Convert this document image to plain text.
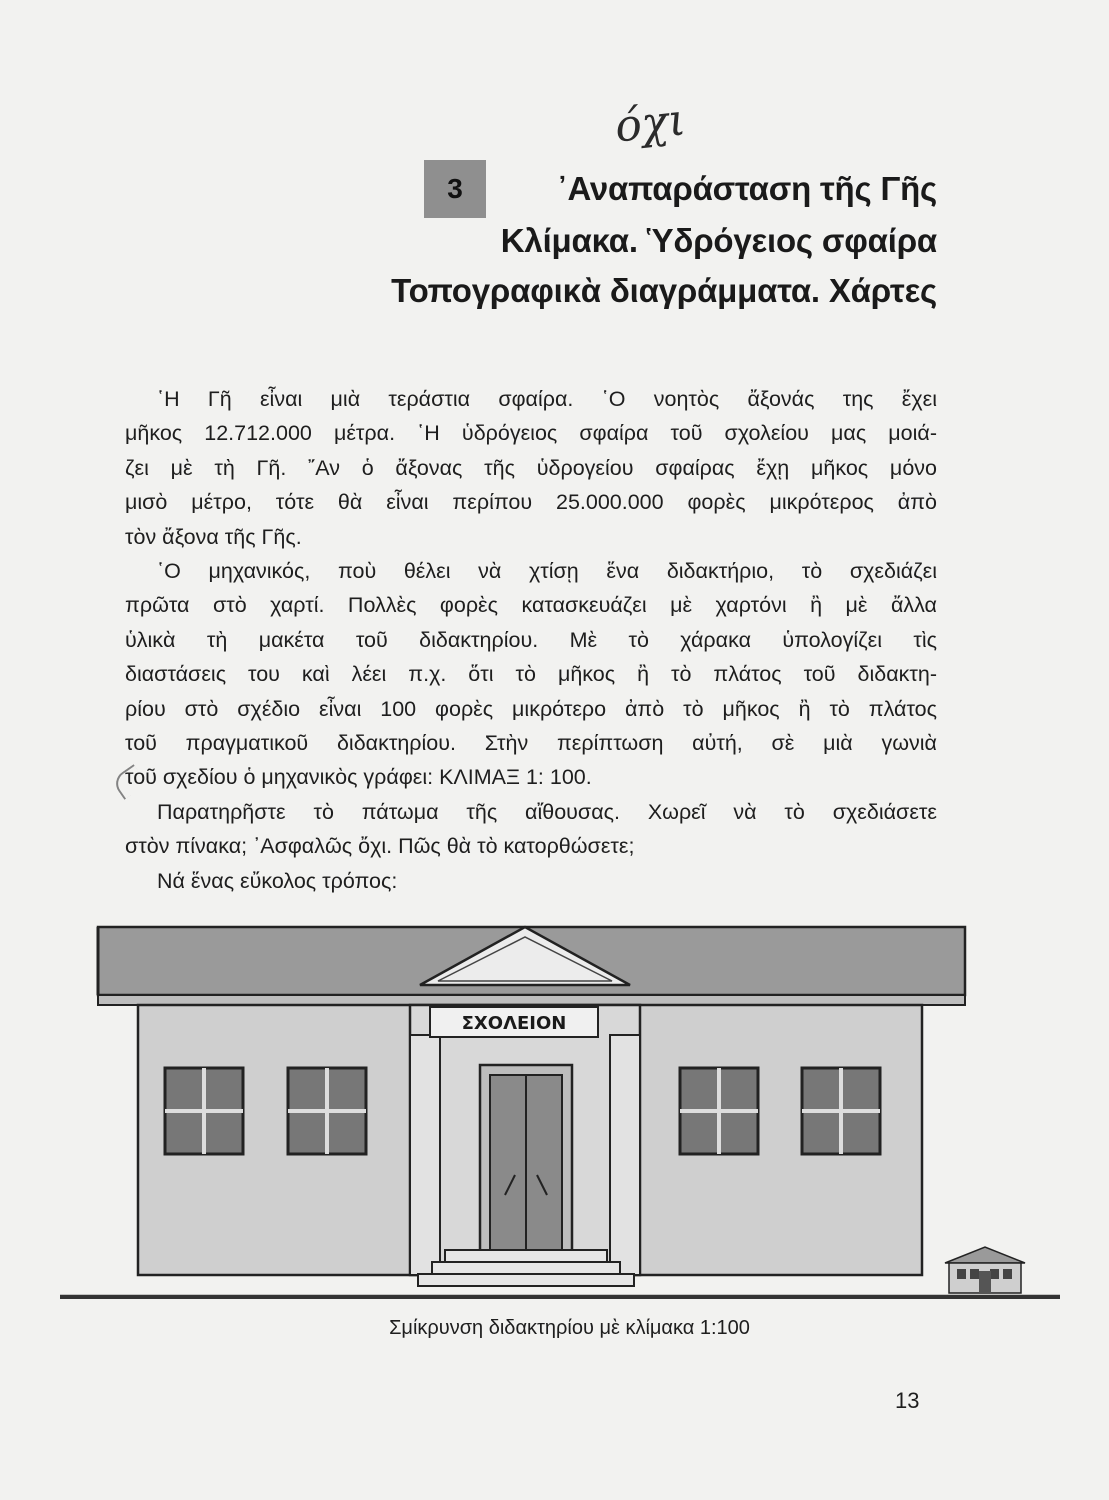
όχι
3	᾽Αναπαράσταση τῆς Γῆς
Κλίμακα. Ὑδρόγειος σφαίρα
Τοπογραφικὰ διαγράμματα. Χάρτες

῾Η Γῆ εἶναι μιὰ τεράστια σφαίρα. ῾Ο νοητὸς ἄξονάς της ἔχει

μῆκος 12.712.000 μέτρα. ῾Η ὑδρόγειος σφαίρα τοῦ σχολείου μας μοιά-

ζει μὲ τὴ Γῆ. ῎Αν ὁ ἄξονας τῆς ὑδρογείου σφαίρας ἔχῃ μῆκος μόνο

μισὸ μέτρο, τότε θὰ εἶναι περίπου 25.000.000 φορὲς μικρότερος ἀπὸ

τὸν ἄξονα τῆς Γῆς.

῾Ο μηχανικός, ποὺ θέλει νὰ χτίσῃ ἕνα διδακτήριο, τὸ σχεδιάζει

πρῶτα στὸ χαρτί. Πολλὲς φορὲς κατασκευάζει μὲ χαρτόνι ἢ μὲ ἄλλα

ὑλικὰ τὴ μακέτα τοῦ διδακτηρίου. Μὲ τὸ χάρακα ὑπολογίζει τὶς

διαστάσεις του καὶ λέει π.χ. ὅτι τὸ μῆκος ἢ τὸ πλάτος τοῦ διδακτη-

ρίου στὸ σχέδιο εἶναι 100 φορὲς μικρότερο ἀπὸ τὸ μῆκος ἢ τὸ πλάτος

τοῦ πραγματικοῦ διδακτηρίου. Στὴν περίπτωση αὐτή, σὲ μιὰ γωνιὰ

τοῦ σχεδίου ὁ μηχανικὸς γράφει: ΚΛΙΜΑΞ 1: 100.

Παρατηρῆστε τὸ πάτωμα τῆς αἴθουσας. Χωρεῖ νὰ τὸ σχεδιάσετε

στὸν πίνακα; ᾽Ασφαλῶς ὄχι. Πῶς θὰ τὸ κατορθώσετε;

Νά ἕνας εὔκολος τρόπος:

ΣΧΟΛΕΙΟΝ
Σμίκρυνση διδακτηρίου μὲ κλίμακα 1:100
13
